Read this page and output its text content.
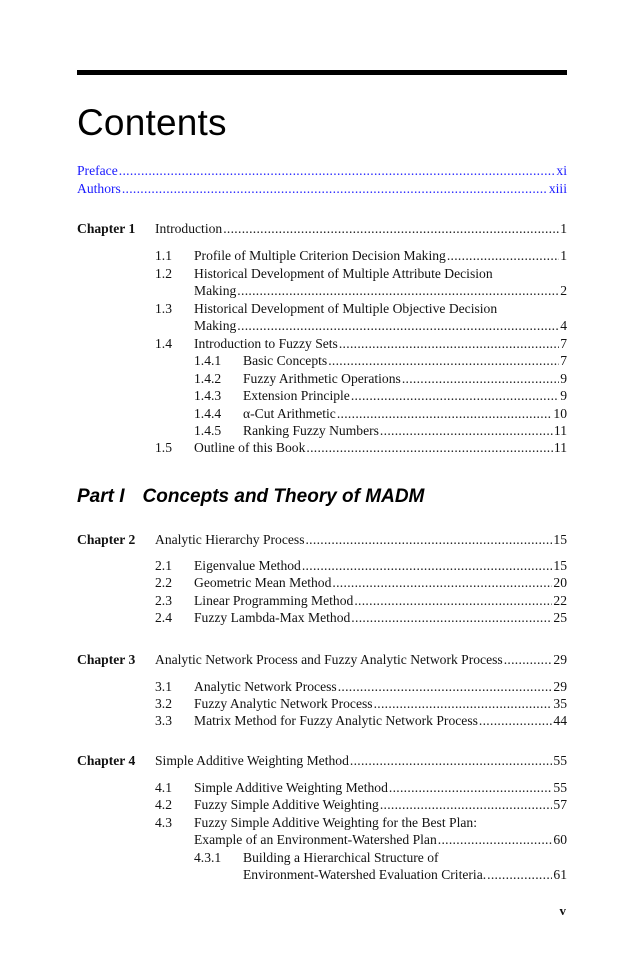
Contents
Preface .....	xi
Authors .....	xiii
Chapter 1 Introduction .....	1
1.1 Profile of Multiple Criterion Decision Making .....	1
1.2 Historical Development of Multiple Attribute Decision
Making .....	2
1.3 Historical Development of Multiple Objective Decision
Making .....	4
1.4 Introduction to Fuzzy Sets .....	7
1.4.1 Basic Concepts .....	7
1.4.2 Fuzzy Arithmetic Operations .....	9
1.4.3 Extension Principle .....	9
1.4.4 α-Cut Arithmetic .....	10
1.4.5 Ranking Fuzzy Numbers .....	11
1.5 Outline of this Book .....	11
Part I Concepts and Theory of MADM
Chapter 2 Analytic Hierarchy Process .....	15
2.1 Eigenvalue Method .....	15
2.2 Geometric Mean Method .....	20
2.3 Linear Programming Method .....	22
2.4 Fuzzy Lambda-Max Method .....	25
Chapter 3 Analytic Network Process and Fuzzy Analytic Network Process .....	29
3.1 Analytic Network Process .....	29
3.2 Fuzzy Analytic Network Process .....	35
3.3 Matrix Method for Fuzzy Analytic Network Process .....	44
Chapter 4 Simple Additive Weighting Method .....	55
4.1 Simple Additive Weighting Method .....	55
4.2 Fuzzy Simple Additive Weighting .....	57
4.3 Fuzzy Simple Additive Weighting for the Best Plan:
Example of an Environment-Watershed Plan .....	60
4.3.1 Building a Hierarchical Structure of
Environment-Watershed Evaluation Criteria. .....	61
v
